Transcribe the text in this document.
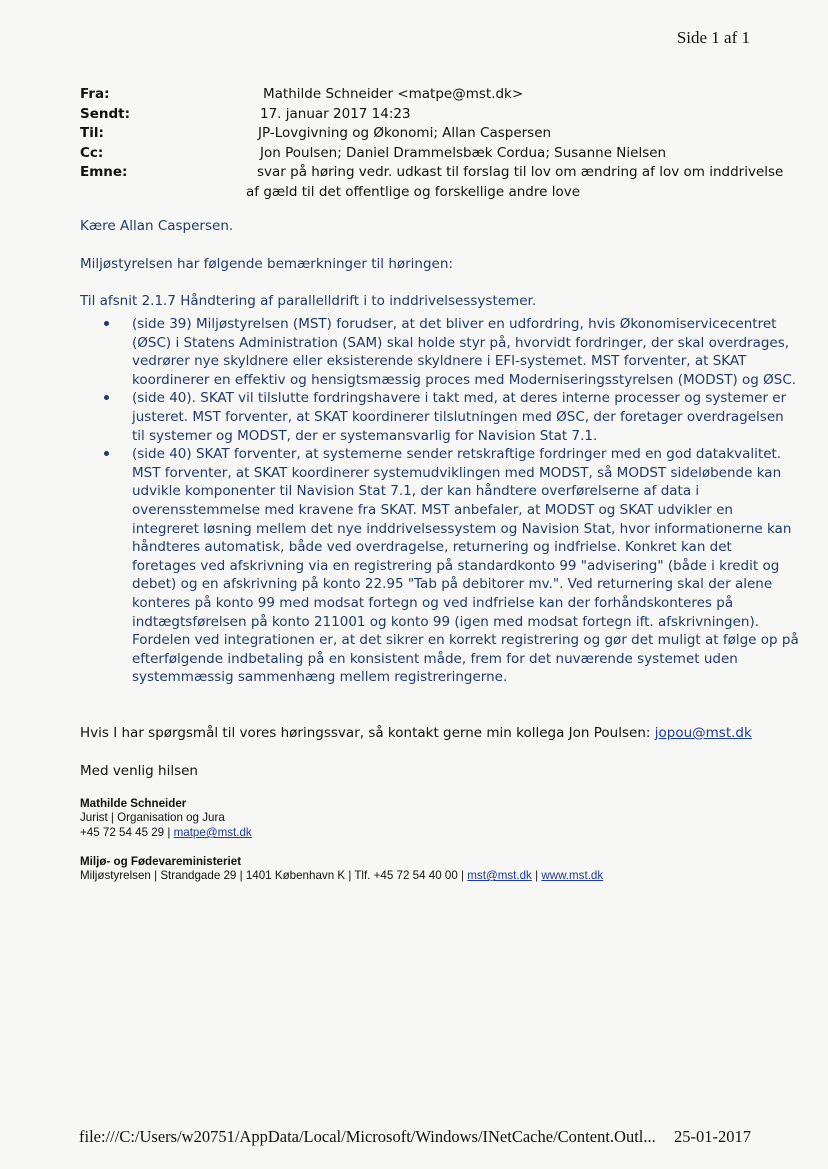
Side 1 af 1
Fra:	Mathilde Schneider <matpe@mst.dk>
Sendt:	17. januar 2017 14:23
Til:	JP-Lovgivning og Økonomi; Allan Caspersen
Cc:	Jon Poulsen; Daniel Drammelsbæk Cordua; Susanne Nielsen
Emne:	svar på høring vedr. udkast til forslag til lov om ændring af lov om inddrivelse
af gæld til det offentlige og forskellige andre love
Kære Allan Caspersen.
Miljøstyrelsen har følgende bemærkninger til høringen:
Til afsnit 2.1.7 Håndtering af parallelldrift i to inddrivelsessystemer.
(side 39) Miljøstyrelsen (MST) forudser, at det bliver en udfordring, hvis Økonomiservicecentret
(ØSC) i Statens Administration (SAM) skal holde styr på, hvorvidt fordringer, der skal overdrages,
vedrører nye skyldnere eller eksisterende skyldnere i EFI-systemet. MST forventer, at SKAT
koordinerer en effektiv og hensigtsmæssig proces med Moderniseringsstyrelsen (MODST) og ØSC.
(side 40). SKAT vil tilslutte fordringshavere i takt med, at deres interne processer og systemer er
justeret. MST forventer, at SKAT koordinerer tilslutningen med ØSC, der foretager overdragelsen
til systemer og MODST, der er systemansvarlig for Navision Stat 7.1.
(side 40) SKAT forventer, at systemerne sender retskraftige fordringer med en god datakvalitet.
MST forventer, at SKAT koordinerer systemudviklingen med MODST, så MODST sideløbende kan
udvikle komponenter til Navision Stat 7.1, der kan håndtere overførelserne af data i
overensstemmelse med kravene fra SKAT. MST anbefaler, at MODST og SKAT udvikler en
integreret løsning mellem det nye inddrivelsessystem og Navision Stat, hvor informationerne kan
håndteres automatisk, både ved overdragelse, returnering og indfrielse. Konkret kan det
foretages ved afskrivning via en registrering på standardkonto 99 "advisering" (både i kredit og
debet) og en afskrivning på konto 22.95 "Tab på debitorer mv.". Ved returnering skal der alene
konteres på konto 99 med modsat fortegn og ved indfrielse kan der forhåndskonteres på
indtægtsførelsen på konto 211001 og konto 99 (igen med modsat fortegn ift. afskrivningen).
Fordelen ved integrationen er, at det sikrer en korrekt registrering og gør det muligt at følge op på
efterfølgende indbetaling på en konsistent måde, frem for det nuværende systemet uden
systemmæssig sammenhæng mellem registreringerne.
Hvis I har spørgsmål til vores høringssvar, så kontakt gerne min kollega Jon Poulsen: jopou@mst.dk
Med venlig hilsen
Mathilde Schneider
Jurist | Organisation og Jura
+45 72 54 45 29 | matpe@mst.dk
Miljø- og Fødevareministeriet
Miljøstyrelsen | Strandgade 29 | 1401 København K | Tlf. +45 72 54 40 00 | mst@mst.dk | www.mst.dk
file:///C:/Users/w20751/AppData/Local/Microsoft/Windows/INetCache/Content.Outl... 25-01-2017
